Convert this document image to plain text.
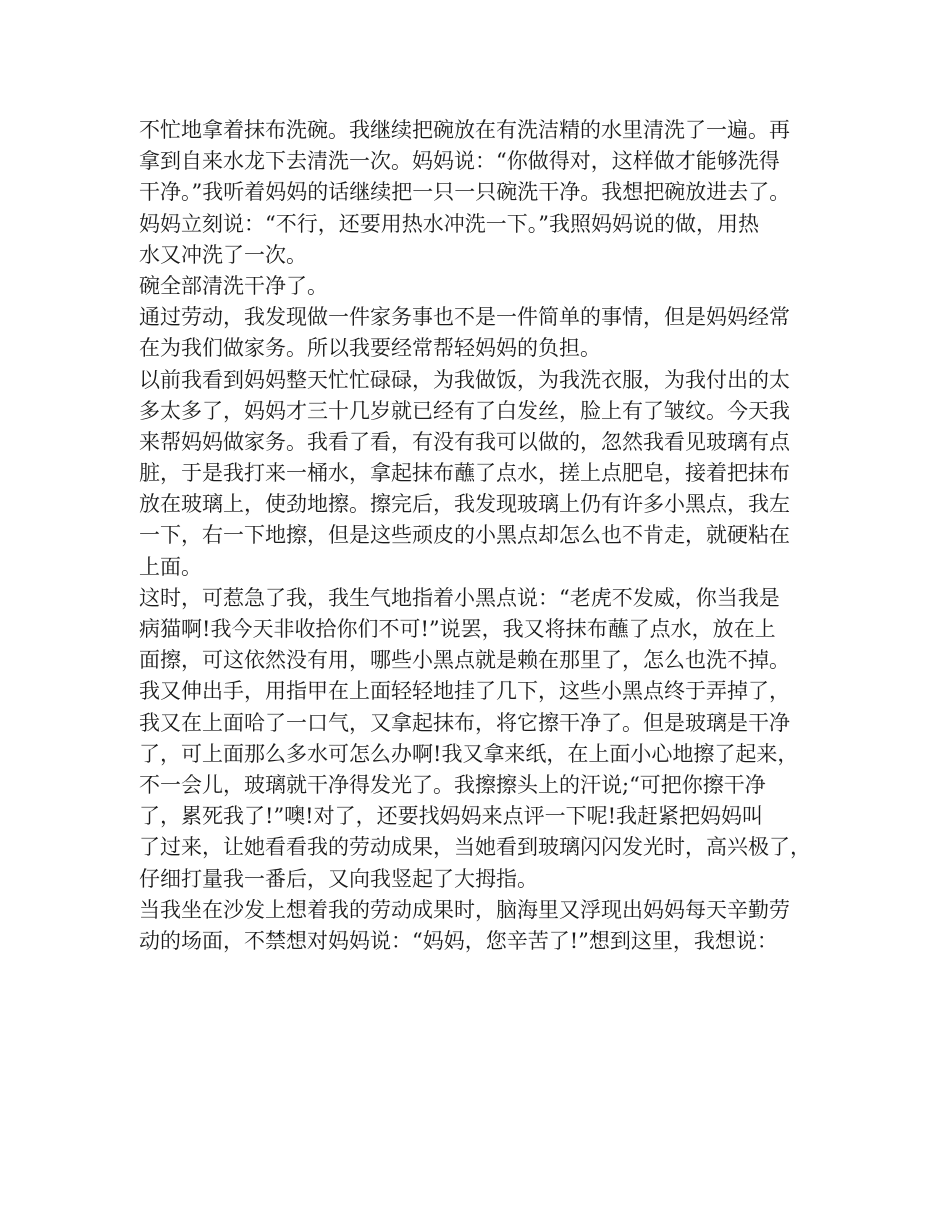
不忙地拿着抹布洗碗。我继续把碗放在有洗洁精的水里清洗了一遍。再
拿到自来水龙下去清洗一次。妈妈说：“你做得对，这样做才能够洗得
干净。”我听着妈妈的话继续把一只一只碗洗干净。我想把碗放进去了。
妈妈立刻说：“不行，还要用热水冲洗一下。”我照妈妈说的做，用热
水又冲洗了一次。
碗全部清洗干净了。
通过劳动，我发现做一件家务事也不是一件简单的事情，但是妈妈经常
在为我们做家务。所以我要经常帮轻妈妈的负担。
以前我看到妈妈整天忙忙碌碌，为我做饭，为我洗衣服，为我付出的太
多太多了，妈妈才三十几岁就已经有了白发丝，脸上有了皱纹。今天我
来帮妈妈做家务。我看了看，有没有我可以做的，忽然我看见玻璃有点
脏，于是我打来一桶水，拿起抹布蘸了点水，搓上点肥皂，接着把抹布
放在玻璃上，使劲地擦。擦完后，我发现玻璃上仍有许多小黑点，我左
一下，右一下地擦，但是这些顽皮的小黑点却怎么也不肯走，就硬粘在
上面。
这时，可惹急了我，我生气地指着小黑点说：“老虎不发威，你当我是
病猫啊!我今天非收拾你们不可!”说罢，我又将抹布蘸了点水，放在上
面擦，可这依然没有用，哪些小黑点就是赖在那里了，怎么也洗不掉。
我又伸出手，用指甲在上面轻轻地挂了几下，这些小黑点终于弄掉了，
我又在上面哈了一口气，又拿起抹布，将它擦干净了。但是玻璃是干净
了，可上面那么多水可怎么办啊!我又拿来纸，在上面小心地擦了起来，
不一会儿，玻璃就干净得发光了。我擦擦头上的汗说;“可把你擦干净
了，累死我了!”噢!对了，还要找妈妈来点评一下呢!我赶紧把妈妈叫
了过来，让她看看我的劳动成果，当她看到玻璃闪闪发光时，高兴极了，
仔细打量我一番后，又向我竖起了大拇指。
当我坐在沙发上想着我的劳动成果时，脑海里又浮现出妈妈每天辛勤劳
动的场面，不禁想对妈妈说：“妈妈，您辛苦了!”想到这里，我想说：
